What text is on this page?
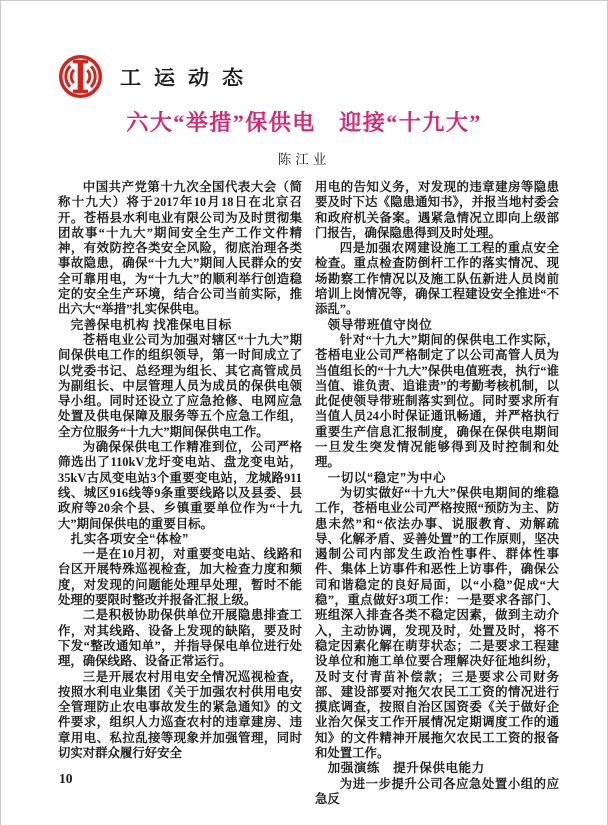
工运动态
六大“举措”保供电　迎接“十九大”
陈江业

中国共产党第十九次全国代表大会（简称十九大）将于2017年10月18日在北京召开。苍梧县水利电业有限公司为及时贯彻集团故事“十九大”期间安全生产工作文件精神，有效防控各类安全风险，彻底治理各类事故隐患，确保“十九大”期间人民群众的安全可靠用电，为“十九大”的顺利举行创造稳定的安全生产环境，结合公司当前实际，推出六大“举措”扎实保供电。

完善保电机构 找准保电目标

苍梧电业公司为加强对辖区“十九大”期间保供电工作的组织领导，第一时间成立了以党委书记、总经理为组长、其它高管成员为副组长、中层管理人员为成员的保供电领导小组。同时还设立了应急抢修、电网应急处置及供电保障及服务等五个应急工作组，全方位服务“十九大”期间保供电工作。

为确保保供电工作精准到位，公司严格筛选出了110kV龙圩变电站、盘龙变电站，35kV古凤变电站3个重要变电站，龙城路911线、城区916线等9条重要线路以及县委、县政府等20余个县、乡镇重要单位作为“十九大”期间保供电的重要目标。

扎实各项安全“体检”

一是在10月初，对重要变电站、线路和台区开展特殊巡视检查，加大检查力度和频度，对发现的问题能处理早处理，暂时不能处理的要限时整改并报备汇报上级。

二是积极协助保供单位开展隐患排查工作，对其线路、设备上发现的缺陷，要及时下发“整改通知单”，并指导保电单位进行处理，确保线路、设备正常运行。

三是开展农村用电安全情况巡视检查，按照水利电业集团《关于加强农村供用电安全管理防止农电事故发生的紧急通知》的文件要求，组织人力巡查农村的违章建房、违章用电、私拉乱接等现象并加强管理，同时切实对群众履行好安全

用电的告知义务，对发现的违章建房等隐患要及时下达《隐患通知书》，并报当地村委会和政府机关备案。遇紧急情况立即向上级部门报告，确保隐患得到及时处理。

四是加强农网建设施工工程的重点安全检查。重点检查防倒杆工作的落实情况、现场勘察工作情况以及施工队伍新进人员岗前培训上岗情况等，确保工程建设安全推进“不添乱”。

领导带班值守岗位

针对“十九大”期间的保供电工作实际，苍梧电业公司严格制定了以公司高管人员为当值组长的“十九大”保供电值班表，执行“谁当值、谁负责、追谁责”的考勤考核机制，以此促使领导带班制落实到位。同时要求所有当值人员24小时保证通讯畅通，并严格执行重要生产信息汇报制度，确保在保供电期间一旦发生突发情况能够得到及时控制和处理。

一切以“稳定”为中心

为切实做好“十九大”保供电期间的维稳工作，苍梧电业公司严格按照“预防为主、防患未然”和“依法办事、说服教育、劝解疏导、化解矛盾、妥善处置”的工作原则，坚决遏制公司内部发生政治性事件、群体性事件、集体上访事件和恶性上访事件，确保公司和谐稳定的良好局面，以“小稳”促成“大稳”，重点做好3项工作：一是要求各部门、班组深入排查各类不稳定因素，做到主动介入，主动协调，发现及时，处置及时，将不稳定因素化解在萌芽状态；二是要求工程建设单位和施工单位要合理解决好征地纠纷，及时支付青苗补偿款；三是要求公司财务部、建设部要对拖欠农民工工资的情况进行摸底调查，按照自治区国资委《关于做好企业治欠保支工作开展情况定期调度工作的通知》的文件精神开展拖欠农民工工资的报备和处置工作。

加强演练　提升保供电能力

为进一步提升公司各应急处置小组的应急反

10
